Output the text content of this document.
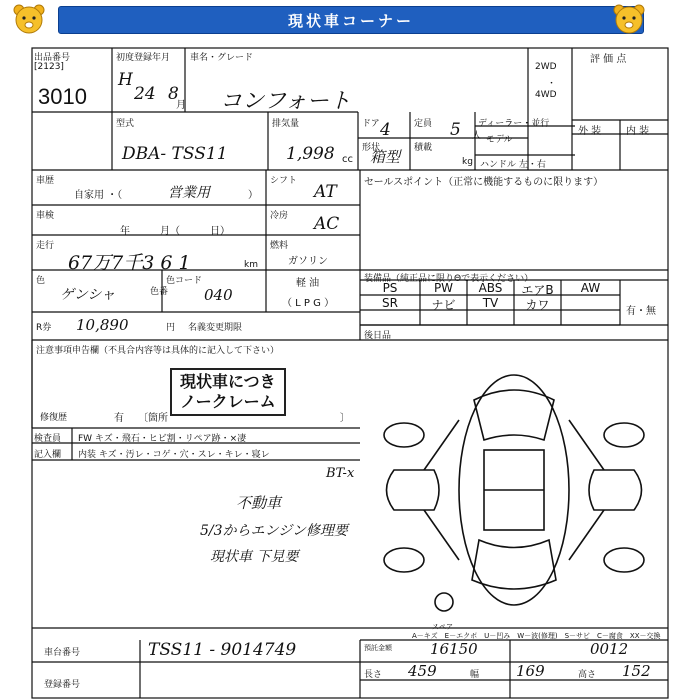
現状車コーナー
出品番号
[2123]
3010
初度登録年月
H
24 8
月
車名・グレード
コンフォート
2WD
・
4WD
評 価 点
型式
DBA- TSS11
排気量
1,998 cc
ドア 4	定員 5 人
形状
箱型 積載
kg
ディーラー・並行
モデル
ハンドル 左・右
外 装 内 装
車歴
自家用 ・（	営業用	）
シフト
AT	セールスポイント（正常に機能するものに限ります）
車検
年　　　月（　　　日）
冷房 AC
走行
67万7千3 6 1	km
燃料
ガソリン
軽 油
（ L P G ）
色
ゲンシャ	色番
色コード
040
R券 10,890	円 名義変更期限
装備品（純正品に限りΘで表示ください）
PS	PW	ABS	エアB	AW
SR	ナビ	TV	カワ	有・無
後日品
注意事項申告欄（不具合内容等は具体的に記入して下さい）
現状車につき
ノークレーム
修復歴	有 〔箇所	〕
検査員
記入欄
FW キズ・飛石・ヒビ割・リペア跡・×凄
内装 キズ・汚レ・コゲ・穴・スレ・キレ・寝レ
BT-x
不動車
5/3からエンジン修理要
現状車 下見要
スペア
A－キズ　E－エクボ　U－凹み　W－波(修理)　S－サビ　C－腐食　XX－交換
車台番号	TSS11 - 9014749
登録番号
預託金額	16150	0012
長さ 459	幅 169	高さ 152
